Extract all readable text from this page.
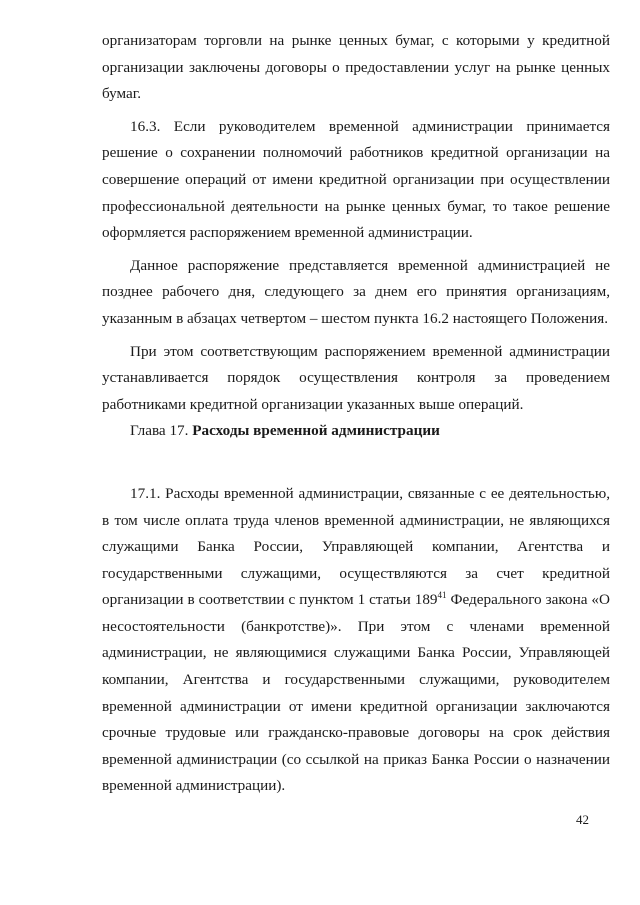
организаторам торговли на рынке ценных бумаг, с которыми у кредитной организации заключены договоры о предоставлении услуг на рынке ценных бумаг.

16.3. Если руководителем временной администрации принимается решение о сохранении полномочий работников кредитной организации на совершение операций от имени кредитной организации при осуществлении профессиональной деятельности на рынке ценных бумаг, то такое решение оформляется распоряжением временной администрации.

Данное распоряжение представляется временной администрацией не позднее рабочего дня, следующего за днем его принятия организациям, указанным в абзацах четвертом – шестом пункта 16.2 настоящего Положения.

При этом соответствующим распоряжением временной администрации устанавливается порядок осуществления контроля за проведением работниками кредитной организации указанных выше операций.

Глава 17. Расходы временной администрации

17.1. Расходы временной администрации, связанные с ее деятельностью, в том числе оплата труда членов временной администрации, не являющихся служащими Банка России, Управляющей компании, Агентства и государственными служащими, осуществляются за счет кредитной организации в соответствии с пунктом 1 статьи $189^{41}$ Федерального закона «О несостоятельности (банкротстве)». При этом с членами временной администрации, не являющимися служащими Банка России, Управляющей компании, Агентства и государственными служащими, руководителем временной администрации от имени кредитной организации заключаются срочные трудовые или гражданско-правовые договоры на срок действия временной администрации (со ссылкой на приказ Банка России о назначении временной администрации).

42
